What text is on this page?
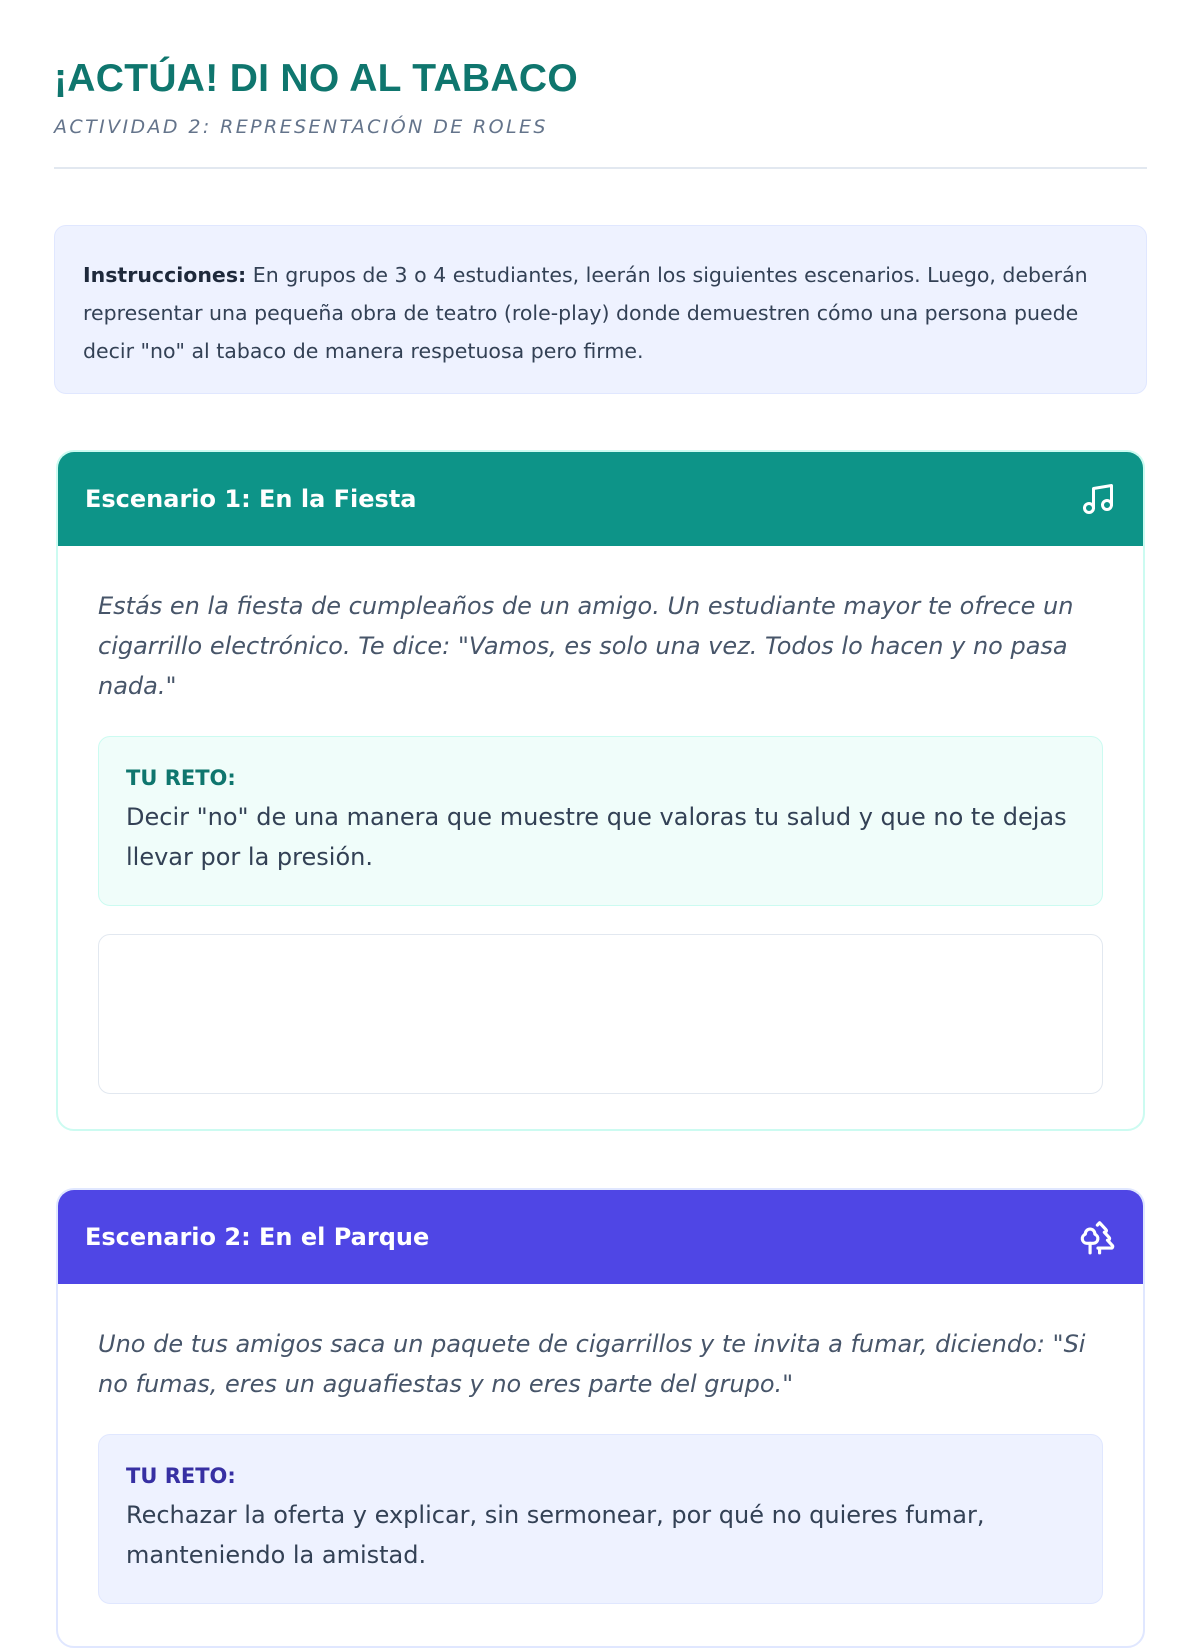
¡ACTÚA! DI NO AL TABACO
ACTIVIDAD 2: REPRESENTACIÓN DE ROLES
Instrucciones: En grupos de 3 o 4 estudiantes, leerán los siguientes escenarios. Luego, deberán representar una pequeña obra de teatro (role-play) donde demuestren cómo una persona puede decir "no" al tabaco de manera respetuosa pero firme.
Escenario 1: En la Fiesta

Estás en la fiesta de cumpleaños de un amigo. Un estudiante mayor te ofrece un cigarrillo electrónico. Te dice: "Vamos, es solo una vez. Todos lo hacen y no pasa nada."

TU RETO:
Decir "no" de una manera que muestre que valoras tu salud y que no te dejas llevar por la presión.
Escenario 2: En el Parque

Uno de tus amigos saca un paquete de cigarrillos y te invita a fumar, diciendo: "Si no fumas, eres un aguafiestas y no eres parte del grupo."

TU RETO:
Rechazar la oferta y explicar, sin sermonear, por qué no quieres fumar, manteniendo la amistad.
